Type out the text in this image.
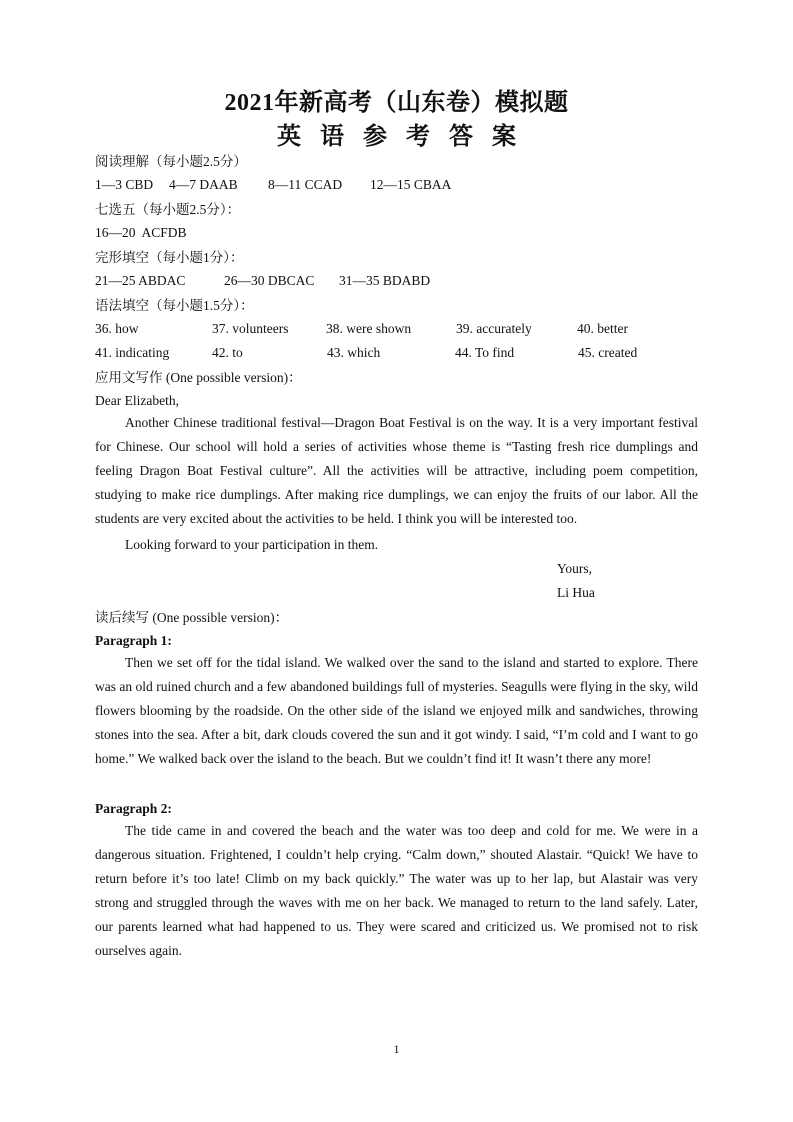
2021年新高考（山东卷）模拟题
英语参考答案
阅读理解（每小题2.5分）
1—3 CBD 4—7 DAAB 8—11 CCAD 12—15 CBAA
七选五（每小题2.5分）：
16—20  ACFDB
完形填空（每小题1分）：
21—25 ABDAC	26—30 DBCAC 31—35 BDABD
语法填空（每小题1.5分）：
36. how	37. volunteers	38. were shown	39. accurately	40. better
41. indicating	42. to	43. which	44. To find	45. created
应用文写作 (One possible version)：
Dear Elizabeth,

Another Chinese traditional festival—Dragon Boat Festival is on the way. It is a very important festival for Chinese. Our school will hold a series of activities whose theme is “Tasting fresh rice dumplings and feeling Dragon Boat Festival culture”. All the activities will be attractive, including poem competition, studying to make rice dumplings. After making rice dumplings, we can enjoy the fruits of our labor. All the students are very excited about the activities to be held. I think you will be interested too.

Looking forward to your participation in them.
Yours,
Li Hua
读后续写 (One possible version)：
Paragraph 1:

Then we set off for the tidal island. We walked over the sand to the island and started to explore. There was an old ruined church and a few abandoned buildings full of mysteries. Seagulls were flying in the sky, wild flowers blooming by the roadside. On the other side of the island we enjoyed milk and sandwiches, throwing stones into the sea. After a bit, dark clouds covered the sun and it got windy. I said, “I’m cold and I want to go home.” We walked back over the island to the beach. But we couldn’t find it! It wasn’t there any more!

Paragraph 2:

The tide came in and covered the beach and the water was too deep and cold for me. We were in a dangerous situation. Frightened, I couldn’t help crying. “Calm down,” shouted Alastair. “Quick! We have to return before it’s too late! Climb on my back quickly.” The water was up to her lap, but Alastair was very strong and struggled through the waves with me on her back. We managed to return to the land safely. Later, our parents learned what had happened to us. They were scared and criticized us. We promised not to risk ourselves again.

1
